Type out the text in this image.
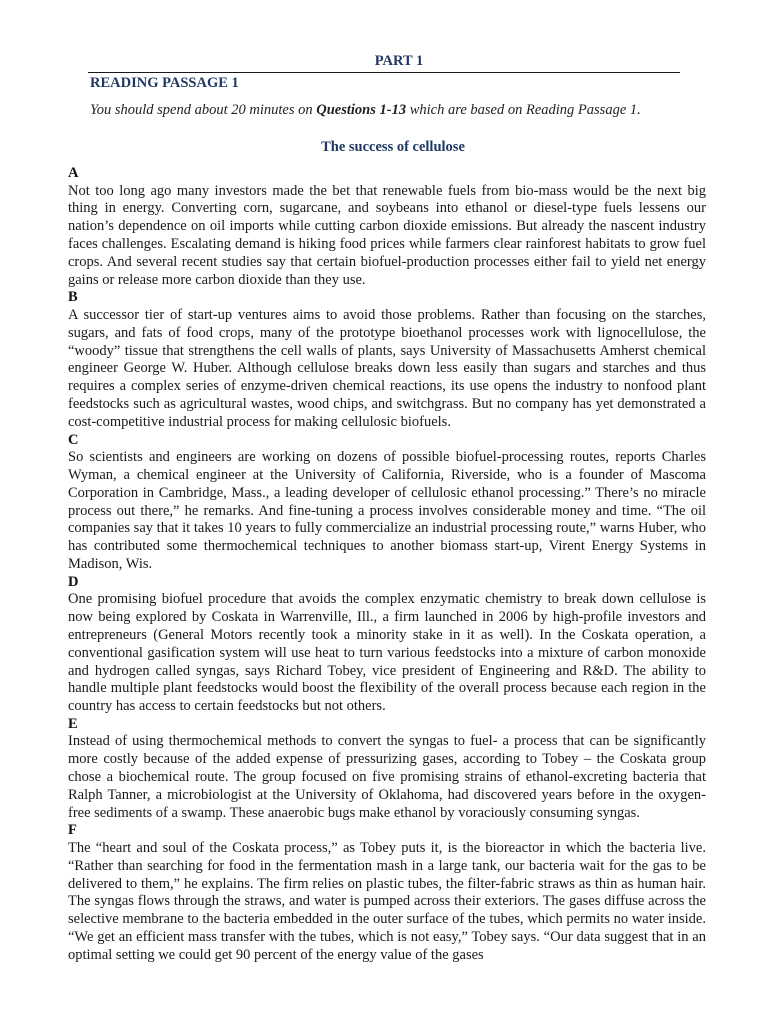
PART 1
READING PASSAGE 1
You should spend about 20 minutes on Questions 1-13 which are based on Reading Passage 1.
The success of cellulose
A

Not too long ago many investors made the bet that renewable fuels from bio-mass would be the next big thing in energy. Converting corn, sugarcane, and soybeans into ethanol or diesel-type fuels lessens our nation’s dependence on oil imports while cutting carbon dioxide emissions. But already the nascent industry faces challenges. Escalating demand is hiking food prices while farmers clear rainforest habitats to grow fuel crops. And several recent studies say that certain biofuel-production processes either fail to yield net energy gains or release more carbon dioxide than they use.

B

A successor tier of start-up ventures aims to avoid those problems. Rather than focusing on the starches, sugars, and fats of food crops, many of the prototype bioethanol processes work with lignocellulose, the “woody” tissue that strengthens the cell walls of plants, says University of Massachusetts Amherst chemical engineer George W. Huber. Although cellulose breaks down less easily than sugars and starches and thus requires a complex series of enzyme-driven chemical reactions, its use opens the industry to nonfood plant feedstocks such as agricultural wastes, wood chips, and switchgrass. But no company has yet demonstrated a cost-competitive industrial process for making cellulosic biofuels.

C

So scientists and engineers are working on dozens of possible biofuel-processing routes, reports Charles Wyman, a chemical engineer at the University of California, Riverside, who is a founder of Mascoma Corporation in Cambridge, Mass., a leading developer of cellulosic ethanol processing.” There’s no miracle process out there,” he remarks. And fine-tuning a process involves considerable money and time. “The oil companies say that it takes 10 years to fully commercialize an industrial processing route,” warns Huber, who has contributed some thermochemical techniques to another biomass start-up, Virent Energy Systems in Madison, Wis.

D

One promising biofuel procedure that avoids the complex enzymatic chemistry to break down cellulose is now being explored by Coskata in Warrenville, Ill., a firm launched in 2006 by high-profile investors and entrepreneurs (General Motors recently took a minority stake in it as well). In the Coskata operation, a conventional gasification system will use heat to turn various feedstocks into a mixture of carbon monoxide and hydrogen called syngas, says Richard Tobey, vice president of Engineering and R&D. The ability to handle multiple plant feedstocks would boost the flexibility of the overall process because each region in the country has access to certain feedstocks but not others.

E

Instead of using thermochemical methods to convert the syngas to fuel- a process that can be significantly more costly because of the added expense of pressurizing gases, according to Tobey – the Coskata group chose a biochemical route. The group focused on five promising strains of ethanol-excreting bacteria that Ralph Tanner, a microbiologist at the University of Oklahoma, had discovered years before in the oxygen-free sediments of a swamp. These anaerobic bugs make ethanol by voraciously consuming syngas.

F

The “heart and soul of the Coskata process,” as Tobey puts it, is the bioreactor in which the bacteria live. “Rather than searching for food in the fermentation mash in a large tank, our bacteria wait for the gas to be delivered to them,” he explains. The firm relies on plastic tubes, the filter-fabric straws as thin as human hair. The syngas flows through the straws, and water is pumped across their exteriors. The gases diffuse across the selective membrane to the bacteria embedded in the outer surface of the tubes, which permits no water inside. “We get an efficient mass transfer with the tubes, which is not easy,” Tobey says. “Our data suggest that in an optimal setting we could get 90 percent of the energy value of the gases
